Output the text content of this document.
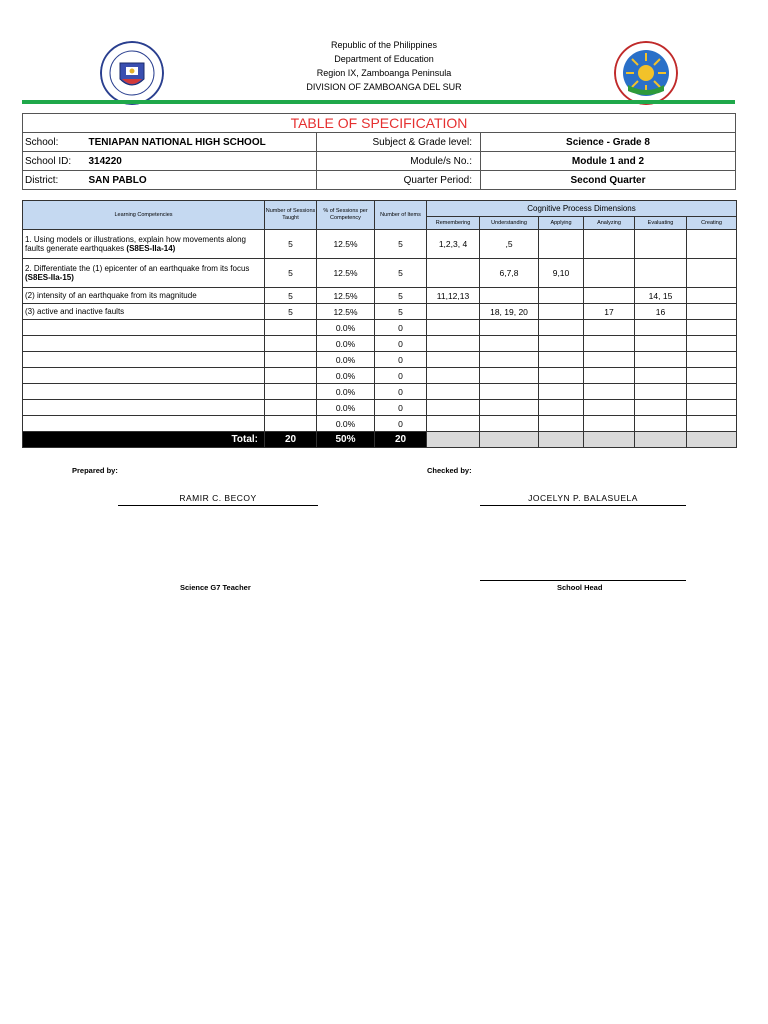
Republic of the Philippines
Department of Education
Region IX, Zamboanga Peninsula
DIVISION OF ZAMBOANGA DEL SUR
TABLE OF SPECIFICATION			
School:	TENIAPAN NATIONAL HIGH SCHOOL	Subject & Grade level:	Science - Grade 8
School ID:	314220	Module/s No.:	Module 1 and 2
District:	SAN PABLO	Quarter Period:	Second Quarter
Learning Competencies	Number of Sessions Taught	% of Sessions per Competency	Number of Items	Cognitive Process Dimensions					
				Remembering	Understanding	Applying	Analyzing	Evaluating	Creating
1. Using models or illustrations, explain how movements along faults generate earthquakes (S8ES-IIa-14)	5	12.5%	5	1,2,3, 4	,5				
2. Differentiate the (1) epicenter of an earthquake from its focus (S8ES-IIa-15)	5	12.5%	5		6,7,8	9,10			
(2) intensity of an earthquake from its magnitude	5	12.5%	5	11,12,13				14, 15	
(3) active and inactive faults	5	12.5%	5		18, 19, 20		17	16	
		0.0%	0						
		0.0%	0						
		0.0%	0						
		0.0%	0						
		0.0%	0						
		0.0%	0						
		0.0%	0						
Total:	20	50%	20						
Prepared by:
RAMIR C. BECOY
Science G7 Teacher
Checked by:
JOCELYN P. BALASUELA
School Head
